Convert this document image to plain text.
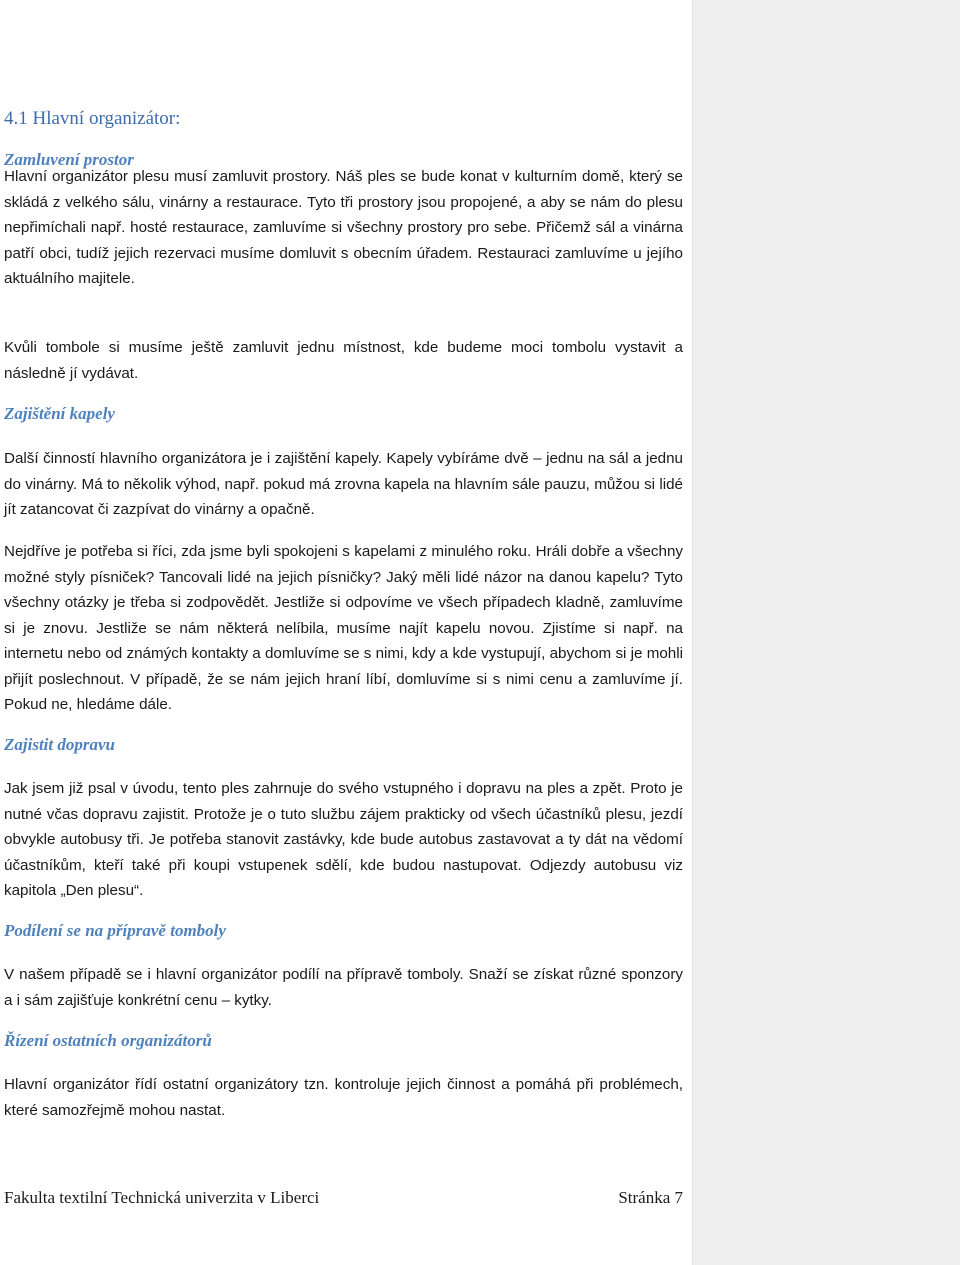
4.1 Hlavní organizátor:
Zamluvení prostor

Hlavní organizátor plesu musí zamluvit prostory. Náš ples se bude konat v kulturním domě, který se skládá z velkého sálu, vinárny a restaurace. Tyto tři prostory jsou propojené, a aby se nám do plesu nepřimíchali např. hosté restaurace, zamluvíme si všechny prostory pro sebe. Přičemž sál a vinárna patří obci, tudíž jejich rezervaci musíme domluvit s obecním úřadem. Restauraci zamluvíme u jejího aktuálního majitele.

Kvůli tombole si musíme ještě zamluvit jednu místnost, kde budeme moci tombolu vystavit a následně jí vydávat.

Zajištění kapely

Další činností hlavního organizátora je i zajištění kapely. Kapely vybíráme dvě – jednu na sál a jednu do vinárny. Má to několik výhod, např. pokud má zrovna kapela na hlavním sále pauzu, můžou si lidé jít zatancovat či zazpívat do vinárny a opačně.

Nejdříve je potřeba si říci, zda jsme byli spokojeni s kapelami z minulého roku. Hráli dobře a všechny možné styly písniček? Tancovali lidé na jejich písničky? Jaký měli lidé názor na danou kapelu? Tyto všechny otázky je třeba si zodpovědět. Jestliže si odpovíme ve všech případech kladně, zamluvíme si je znovu. Jestliže se nám některá nelíbila, musíme najít kapelu novou. Zjistíme si např. na internetu nebo od známých kontakty a domluvíme se s nimi, kdy a kde vystupují, abychom si je mohli přijít poslechnout. V případě, že se nám jejich hraní líbí, domluvíme si s nimi cenu a zamluvíme jí. Pokud ne, hledáme dále.

Zajistit dopravu

Jak jsem již psal v úvodu, tento ples zahrnuje do svého vstupného i dopravu na ples a zpět. Proto je nutné včas dopravu zajistit. Protože je o tuto službu zájem prakticky od všech účastníků plesu, jezdí obvykle autobusy tři. Je potřeba stanovit zastávky, kde bude autobus zastavovat a ty dát na vědomí účastníkům, kteří také při koupi vstupenek sdělí, kde budou nastupovat. Odjezdy autobusu viz kapitola „Den plesu“.

Podílení se na přípravě tomboly

V našem případě se i hlavní organizátor podílí na přípravě tomboly. Snaží se získat různé sponzory a i sám zajišťuje konkrétní cenu – kytky.

Řízení ostatních organizátorů

Hlavní organizátor řídí ostatní organizátory tzn. kontroluje jejich činnost a pomáhá při problémech, které samozřejmě mohou nastat.

Fakulta textilní Technická univerzita v Liberci	Stránka 7
